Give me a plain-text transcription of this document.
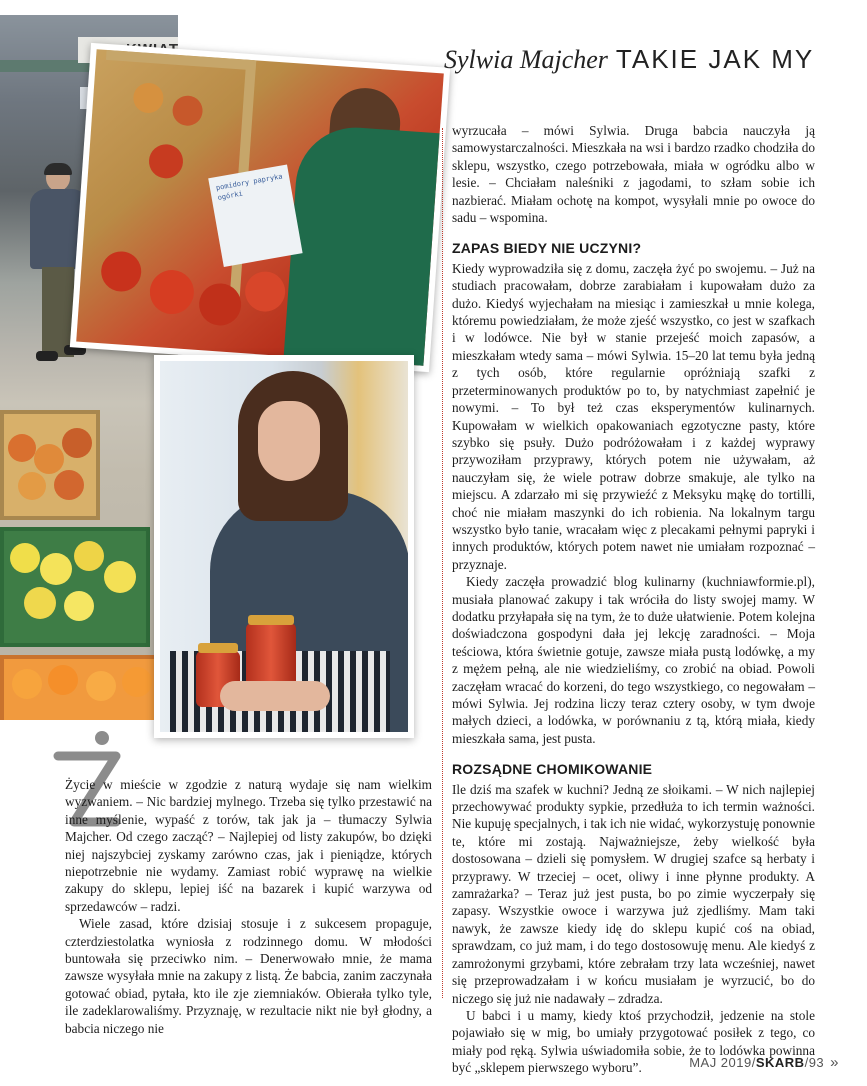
pomidory papryka ogórki
Sylwia Majcher TAKIE JAK MY

wyrzucała – mówi Sylwia. Druga babcia nauczyła ją samowystarczalności. Mieszkała na wsi i bardzo rzadko chodziła do sklepu, wszystko, czego potrzebowała, miała w ogródku albo w lesie. – Chciałam naleśniki z jagodami, to szłam sobie ich nazbierać. Miałam ochotę na kompot, wysyłali mnie po owoce do sadu – wspomina.

ZAPAS BIEDY NIE UCZYNI?

Kiedy wyprowadziła się z domu, zaczęła żyć po swojemu. – Już na studiach pracowałam, dobrze zarabiałam i kupowałam dużo za dużo. Kiedyś wyjechałam na miesiąc i zamieszkał u mnie kolega, któremu powiedziałam, że może zjeść wszystko, co jest w szafkach i w lodówce. Nie był w stanie przejeść moich zapasów, a mieszkałam wtedy sama – mówi Sylwia. 15–20 lat temu była jedną z tych osób, które regularnie opróżniają szafki z przeterminowanych produktów po to, by natychmiast zapełnić je nowymi. – To był też czas eksperymentów kulinarnych. Kupowałam w wielkich opakowaniach egzotyczne pasty, które szybko się psuły. Dużo podróżowałam i z każdej wyprawy przywoziłam przyprawy, których potem nie używałam, aż nauczyłam się, że wiele potraw dobrze smakuje, ale tylko na miejscu. A zdarzało mi się przywieźć z Meksyku mąkę do tortilli, choć nie miałam maszynki do ich robienia. Na lokalnym targu wszystko było tanie, wracałam więc z plecakami pełnymi papryki i innych produktów, których potem nawet nie umiałam rozpoznać – przyznaje.

Kiedy zaczęła prowadzić blog kulinarny (kuchniawformie.pl), musiała planować zakupy i tak wróciła do listy swojej mamy. W dodatku przyłapała się na tym, że to duże ułatwienie. Potem kolejna doświadczona gospodyni dała jej lekcję zaradności. – Moja teściowa, która świetnie gotuje, zawsze miała pustą lodówkę, a my z mężem pełną, ale nie wiedzieliśmy, co zrobić na obiad. Powoli zaczęłam wracać do korzeni, do tego wszystkiego, co negowałam – mówi Sylwia. Jej rodzina liczy teraz cztery osoby, w tym dwoje małych dzieci, a lodówka, w porównaniu z tą, którą miała, kiedy mieszkała sama, jest pusta.

ROZSĄDNE CHOMIKOWANIE

Ile dziś ma szafek w kuchni? Jedną ze słoikami. – W nich najlepiej przechowywać produkty sypkie, przedłuża to ich termin ważności. Nie kupuję specjalnych, i tak ich nie widać, wykorzystuję ponownie te, które mi zostają. Najważniejsze, żeby wielkość była dostosowana – dzieli się pomysłem. W drugiej szafce są herbaty i przyprawy. W trzeciej – ocet, oliwy i inne płynne produkty. A zamrażarka? – Teraz już jest pusta, bo po zimie wyczerpały się zapasy. Wszystkie owoce i warzywa już zjedliśmy. Mam taki nawyk, że zawsze kiedy idę do sklepu kupić coś na obiad, sprawdzam, co już mam, i do tego dostosowuję menu. Ale kiedyś z zamrożonymi grzybami, które zebrałam trzy lata wcześniej, nawet się przeprowadzałam i w końcu musiałam je wyrzucić, bo do niczego się już nie nadawały – zdradza.

U babci i u mamy, kiedy ktoś przychodził, jedzenie na stole pojawiało się w mig, bo umiały przygotować posiłek z tego, co miały pod ręką. Sylwia uświadomiła sobie, że to lodówka powinna być „sklepem pierwszego wyboru”.

Życie w mieście w zgodzie z naturą wydaje się nam wielkim wyzwaniem. – Nic bardziej mylnego. Trzeba się tylko przestawić na inne myślenie, wypaść z torów, tak jak ja – tłumaczy Sylwia Majcher. Od czego zacząć? – Najlepiej od listy zakupów, bo dzięki niej najszybciej zyskamy zarówno czas, jak i pieniądze, których niepotrzebnie nie wydamy. Zamiast robić wyprawę na wielkie zakupy do sklepu, lepiej iść na bazarek i kupić warzywa od sprzedawców – radzi.

Wiele zasad, które dzisiaj stosuje i z sukcesem propaguje, czterdziestolatka wyniosła z rodzinnego domu. W młodości buntowała się przeciwko nim. – Denerwowało mnie, że mama zawsze wysyłała mnie na zakupy z listą. Że babcia, zanim zaczynała gotować obiad, pytała, kto ile zje ziemniaków. Obierała tylko tyle, ile zadeklarowaliśmy. Przyznaję, w rezultacie nikt nie był głodny, a babcia niczego nie

MAJ 2019/SKARB/93 »
